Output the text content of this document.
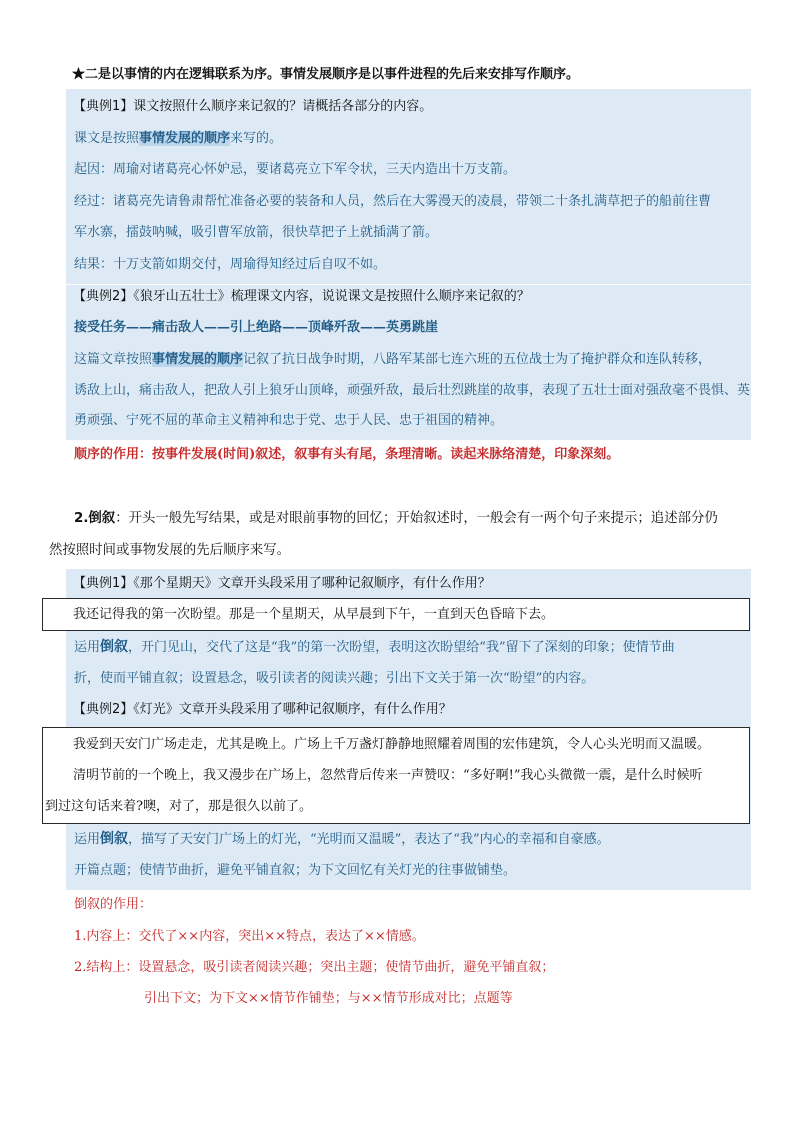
★二是以事情的内在逻辑联系为序。事情发展顺序是以事件进程的先后来安排写作顺序。
【典例1】课文按照什么顺序来记叙的？请概括各部分的内容。
课文是按照事情发展的顺序来写的。
起因：周瑜对诸葛亮心怀妒忌，要诸葛亮立下军令状，三天内造出十万支箭。
经过：诸葛亮先请鲁肃帮忙准备必要的装备和人员，然后在大雾漫天的凌晨，带领二十条扎满草把子的船前往曹
军水寨，擂鼓呐喊，吸引曹军放箭，很快草把子上就插满了箭。
结果：十万支箭如期交付，周瑜得知经过后自叹不如。
【典例2】《狼牙山五壮士》梳理课文内容，说说课文是按照什么顺序来记叙的？
接受任务——痛击敌人——引上绝路——顶峰歼敌——英勇跳崖
这篇文章按照事情发展的顺序记叙了抗日战争时期，八路军某部七连六班的五位战士为了掩护群众和连队转移，
诱敌上山，痛击敌人，把敌人引上狼牙山顶峰，顽强歼敌，最后壮烈跳崖的故事，表现了五壮士面对强敌毫不畏惧、英
勇顽强、宁死不屈的革命主义精神和忠于党、忠于人民、忠于祖国的精神。
顺序的作用：按事件发展(时间)叙述，叙事有头有尾，条理清晰。读起来脉络清楚，印象深刻。
2.倒叙：开头一般先写结果，或是对眼前事物的回忆；开始叙述时，一般会有一两个句子来提示；追述部分仍
然按照时间或事物发展的先后顺序来写。
【典例1】《那个星期天》文章开头段采用了哪种记叙顺序，有什么作用？
我还记得我的第一次盼望。那是一个星期天，从早晨到下午，一直到天色昏暗下去。
运用倒叙，开门见山，交代了这是“我”的第一次盼望，表明这次盼望给“我”留下了深刻的印象；使情节曲
折，使而平铺直叙；设置悬念，吸引读者的阅读兴趣；引出下文关于第一次“盼望”的内容。
【典例2】《灯光》文章开头段采用了哪种记叙顺序，有什么作用？
我爱到天安门广场走走，尤其是晚上。广场上千万盏灯静静地照耀着周围的宏伟建筑，令人心头光明而又温暖。
清明节前的一个晚上，我又漫步在广场上，忽然背后传来一声赞叹：“多好啊!”我心头微微一震，是什么时候听
到过这句话来着?噢，对了，那是很久以前了。
运用倒叙，描写了天安门广场上的灯光，“光明而又温暖”，表达了“我”内心的幸福和自豪感。
开篇点题；使情节曲折，避免平铺直叙；为下文回忆有关灯光的往事做铺垫。
倒叙的作用：
1.内容上：交代了××内容，突出××特点，表达了××情感。
2.结构上：设置悬念，吸引读者阅读兴趣；突出主题；使情节曲折，避免平铺直叙；
引出下文；为下文××情节作铺垫；与××情节形成对比；点题等
